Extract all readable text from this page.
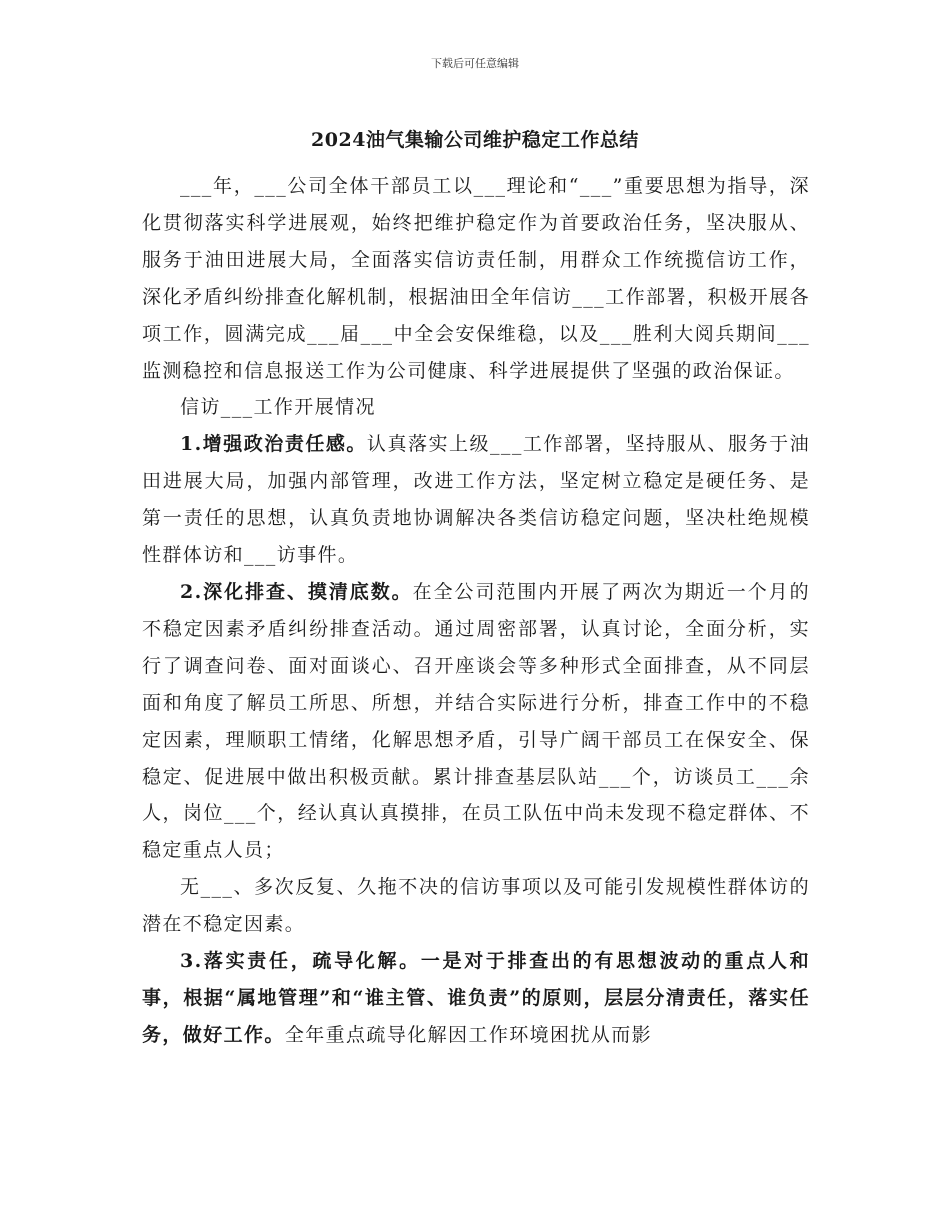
下载后可任意编辑
2024油气集输公司维护稳定工作总结

___年，___公司全体干部员工以___理论和“___”重要思想为指导，深化贯彻落实科学进展观，始终把维护稳定作为首要政治任务，坚决服从、服务于油田进展大局，全面落实信访责任制，用群众工作统揽信访工作，深化矛盾纠纷排查化解机制，根据油田全年信访___工作部署，积极开展各项工作，圆满完成___届___中全会安保维稳，以及___胜利大阅兵期间___监测稳控和信息报送工作为公司健康、科学进展提供了坚强的政治保证。

信访___工作开展情况

1.增强政治责任感。认真落实上级___工作部署，坚持服从、服务于油田进展大局，加强内部管理，改进工作方法，坚定树立稳定是硬任务、是第一责任的思想，认真负责地协调解决各类信访稳定问题，坚决杜绝规模性群体访和___访事件。

2.深化排查、摸清底数。在全公司范围内开展了两次为期近一个月的不稳定因素矛盾纠纷排查活动。通过周密部署，认真讨论，全面分析，实行了调查问卷、面对面谈心、召开座谈会等多种形式全面排查，从不同层面和角度了解员工所思、所想，并结合实际进行分析，排查工作中的不稳定因素，理顺职工情绪，化解思想矛盾，引导广阔干部员工在保安全、保稳定、促进展中做出积极贡献。累计排查基层队站___个，访谈员工___余人，岗位___个，经认真认真摸排，在员工队伍中尚未发现不稳定群体、不稳定重点人员；

无___、多次反复、久拖不决的信访事项以及可能引发规模性群体访的潜在不稳定因素。

3.落实责任，疏导化解。一是对于排查出的有思想波动的重点人和事，根据“属地管理”和“谁主管、谁负责”的原则，层层分清责任，落实任务，做好工作。全年重点疏导化解因工作环境困扰从而影
